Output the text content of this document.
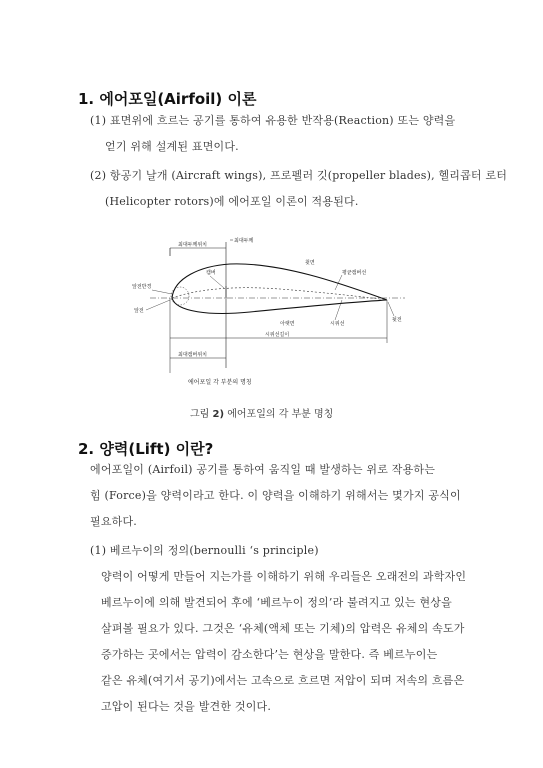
1. 에어포일(Airfoil) 이론
(1) 표면위에 흐르는 공기를 통하여 유용한 반작용(Reaction) 또는 양력을
얻기 위해 설계된 표면이다.
(2) 항공기 날개 (Aircraft wings), 프로펠러 깃(propeller blades), 헬리콥터 로터
(Helicopter rotors)에 에어포일 이론이 적용된다.
최대두께위치
최대두께
윗면
평균캠버선
캠버
앞전반경
앞전
아랫면	시위선
뒷전
시위선길이
최대캠버위치
에어포일 각 부분의 명칭
그림 2) 에어포일의 각 부분 명칭
2. 양력(Lift) 이란?
에어포일이 (Airfoil) 공기를 통하여 움직일 때 발생하는 위로 작용하는
힘 (Force)을 양력이라고 한다. 이 양력을 이해하기 위해서는 몇가지 공식이
필요하다.
(1) 베르누이의 정의(bernoulli ‘s principle)
양력이 어떻게 만들어 지는가를 이해하기 위해 우리들은 오래전의 과학자인
베르누이에 의해 발견되어 후에 ‘베르누이 정의’라 불려지고 있는 현상을
살펴볼 필요가 있다. 그것은 ‘유체(액체 또는 기체)의 압력은 유체의 속도가
증가하는 곳에서는 압력이 감소한다’는 현상을 말한다. 즉 베르누이는
같은 유체(여기서 공기)에서는 고속으로 흐르면 저압이 되며 저속의 흐름은
고압이 된다는 것을 발견한 것이다.
